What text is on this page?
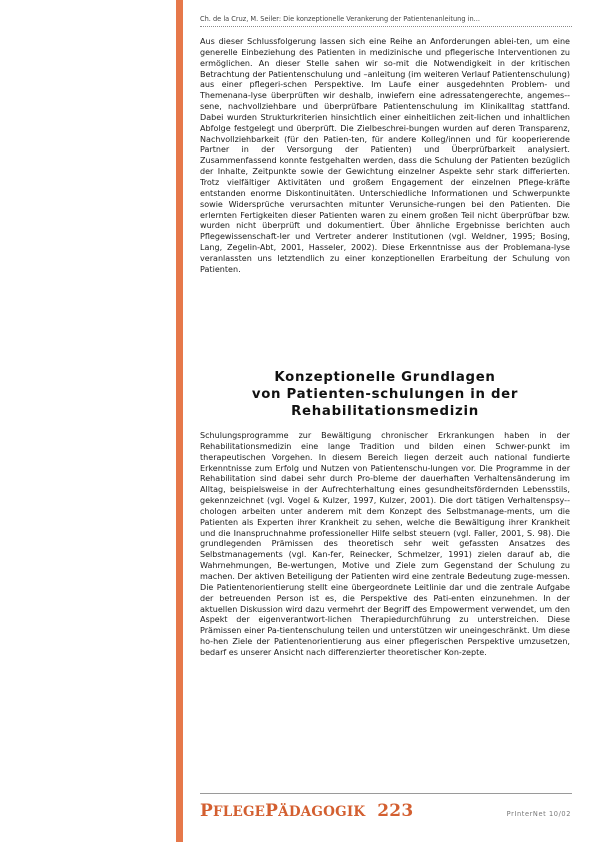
Ch. de la Cruz, M. Seiler: Die konzeptionelle Verankerung der Patientenanleitung in...

Aus dieser Schlussfolgerung lassen sich eine Reihe an Anforderungen ablei-ten, um eine generelle Einbeziehung des Patienten in medizinische und pflegerische Interventionen zu ermöglichen. An dieser Stelle sahen wir so-mit die Notwendigkeit in der kritischen Betrachtung der Patientenschulung und –anleitung (im weiteren Verlauf Patientenschulung) aus einer pflegeri-schen Perspektive. Im Laufe einer ausgedehnten Problem- und Themenana-lyse überprüften wir deshalb, inwiefern eine adressatengerechte, angemes-sene, nachvollziehbare und überprüfbare Patientenschulung im Klinikalltag stattfand. Dabei wurden Strukturkriterien hinsichtlich einer einheitlichen zeit-lichen und inhaltlichen Abfolge festgelegt und überprüft. Die Zielbeschrei-bungen wurden auf deren Transparenz, Nachvollziehbarkeit (für den Patien-ten, für andere Kolleg/innen und für kooperierende Partner in der Versorgung der Patienten) und Überprüfbarkeit analysiert. Zusammenfassend konnte festgehalten werden, dass die Schulung der Patienten bezüglich der Inhalte, Zeitpunkte sowie der Gewichtung einzelner Aspekte sehr stark differierten. Trotz vielfältiger Aktivitäten und großem Engagement der einzelnen Pflege-kräfte entstanden enorme Diskontinuitäten. Unterschiedliche Informationen und Schwerpunkte sowie Widersprüche verursachten mitunter Verunsiche-rungen bei den Patienten. Die erlernten Fertigkeiten dieser Patienten waren zu einem großen Teil nicht überprüfbar bzw. wurden nicht überprüft und dokumentiert. Über ähnliche Ergebnisse berichten auch Pflegewissenschaft-ler und Vertreter anderer Institutionen (vgl. Weldner, 1995; Bosing, Lang, Zegelin-Abt, 2001, Hasseler, 2002). Diese Erkenntnisse aus der Problemana-lyse veranlassten uns letztendlich zu einer konzeptionellen Erarbeitung der Schulung von Patienten.

Konzeptionelle Grundlagen
von Patienten-schulungen in der
Rehabilitationsmedizin

Schulungsprogramme zur Bewältigung chronischer Erkrankungen haben in der Rehabilitationsmedizin eine lange Tradition und bilden einen Schwer-punkt im therapeutischen Vorgehen. In diesem Bereich liegen derzeit auch national fundierte Erkenntnisse zum Erfolg und Nutzen von Patientenschu-lungen vor. Die Programme in der Rehabilitation sind dabei sehr durch Pro-bleme der dauerhaften Verhaltensänderung im Alltag, beispielsweise in der Aufrechterhaltung eines gesundheitsfördernden Lebensstils, gekennzeichnet (vgl. Vogel & Kulzer, 1997, Kulzer, 2001). Die dort tätigen Verhaltenspsy-chologen arbeiten unter anderem mit dem Konzept des Selbstmanage-ments, um die Patienten als Experten ihrer Krankheit zu sehen, welche die Bewältigung ihrer Krankheit und die Inanspruchnahme professioneller Hilfe selbst steuern (vgl. Faller, 2001, S. 98). Die grundlegenden Prämissen des theoretisch sehr weit gefassten Ansatzes des Selbstmanagements (vgl. Kan-fer, Reinecker, Schmelzer, 1991) zielen darauf ab, die Wahrnehmungen, Be-wertungen, Motive und Ziele zum Gegenstand der Schulung zu machen. Der aktiven Beteiligung der Patienten wird eine zentrale Bedeutung zuge-messen. Die Patientenorientierung stellt eine übergeordnete Leitlinie dar und die zentrale Aufgabe der betreuenden Person ist es, die Perspektive des Pati-enten einzunehmen. In der aktuellen Diskussion wird dazu vermehrt der Begriff des Empowerment verwendet, um den Aspekt der eigenverantwort-lichen Therapiedurchführung zu unterstreichen. Diese Prämissen einer Pa-tientenschulung teilen und unterstützen wir uneingeschränkt. Um diese ho-hen Ziele der Patientenorientierung aus einer pflegerischen Perspektive umzusetzen, bedarf es unserer Ansicht nach differenzierter theoretischer Kon-zepte.

PFLEGEPÄDAGOGIK 223	PrInterNet 10/02
